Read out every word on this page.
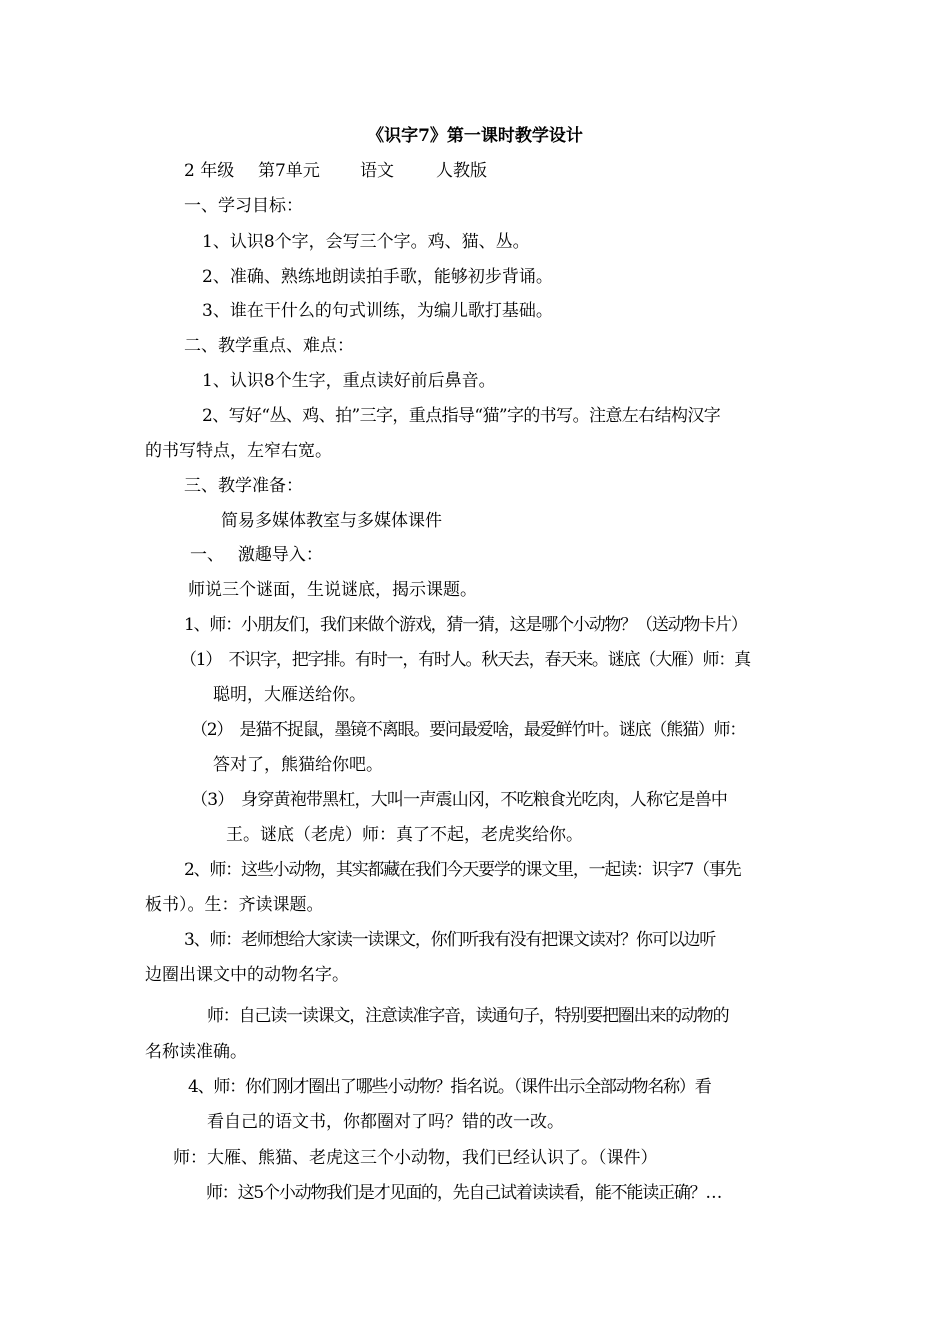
《识字7》第一课时教学设计
2 年级 第7单元 语文 人教版
一、学习目标：
1、认识8个字，会写三个字。鸡、猫、丛。
2、准确、熟练地朗读拍手歌，能够初步背诵。
3、谁在干什么的句式训练，为编儿歌打基础。
二、教学重点、难点：
1、认识8个生字，重点读好前后鼻音。
2、写好“丛、鸡、拍”三字，重点指导“猫”字的书写。注意左右结构汉字
的书写特点，左窄右宽。
三、教学准备：
简易多媒体教室与多媒体课件
一、　 激趣导入：
师说三个谜面，生说谜底，揭示课题。
1、师：小朋友们，我们来做个游戏，猜一猜，这是哪个小动物？（送动物卡片）
（1）　不识字，把字排。有时一，有时人。秋天去，春天来。谜底（大雁）师：真
聪明，大雁送给你。
（2）　是猫不捉鼠，墨镜不离眼。要问最爱啥，最爱鲜竹叶。谜底（熊猫）师：
答对了，熊猫给你吧。
（3）　身穿黄袍带黑杠，大叫一声震山冈，不吃粮食光吃肉，人称它是兽中
王。谜底（老虎）师：真了不起，老虎奖给你。
2、师：这些小动物，其实都藏在我们今天要学的课文里，一起读：识字7（事先
板书）。生：齐读课题。
3、师：老师想给大家读一读课文，你们听我有没有把课文读对？你可以边听
边圈出课文中的动物名字。
师：自己读一读课文，注意读准字音，读通句子，特别要把圈出来的动物的
名称读准确。
4、师：你们刚才圈出了哪些小动物？指名说。（课件出示全部动物名称）看
看自己的语文书，你都圈对了吗？错的改一改。
师：大雁、熊猫、老虎这三个小动物，我们已经认识了。（课件）
师：这5个小动物我们是才见面的，先自己试着读读看，能不能读正确？…
